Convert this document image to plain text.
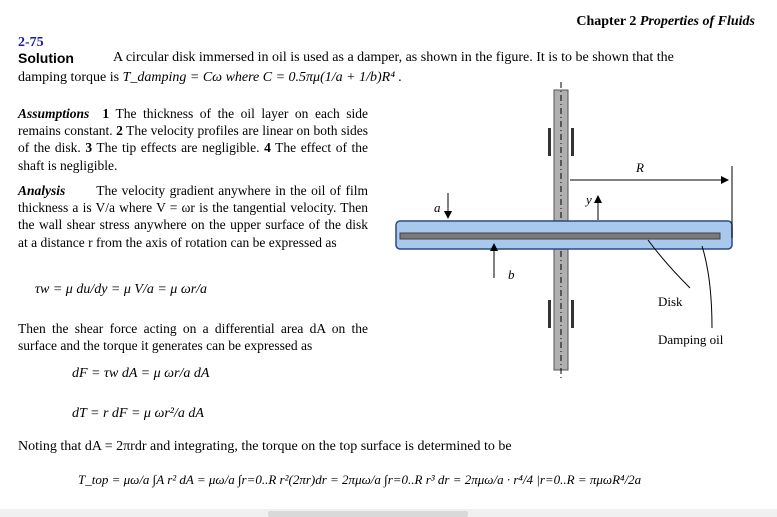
Chapter 2 Properties of Fluids
2-75
Solution	A circular disk immersed in oil is used as a damper, as shown in the figure. It is to be shown that the
damping torque is T_damping = Cω where C = 0.5πμ(1/a + 1/b)R⁴ .
Assumptions 1 The thickness of the oil layer on each side remains constant. 2 The velocity profiles are linear on both sides of the disk. 3 The tip effects are negligible. 4 The effect of the shaft is negligible.
Analysis The velocity gradient anywhere in the oil of film thickness a is V/a where V = ωr is the tangential velocity. Then the wall shear stress anywhere on the upper surface of the disk at a distance r from the axis of rotation can be expressed as
τw = μ du/dy = μ V/a = μ ωr/a
Then the shear force acting on a differential area dA on the surface and the torque it generates can be expressed as
dF = τw dA = μ ωr/a dA
dT = r dF = μ ωr²/a dA
Noting that dA = 2πrdr and integrating, the torque on the top surface is determined to be
T_top = μω/a ∫A r² dA = μω/a ∫r=0..R r²(2πr)dr = 2πμω/a ∫r=0..R r³ dr = 2πμω/a · r⁴/4 |r=0..R = πμωR⁴/2a
R
a
b
y
Disk
Damping oil
